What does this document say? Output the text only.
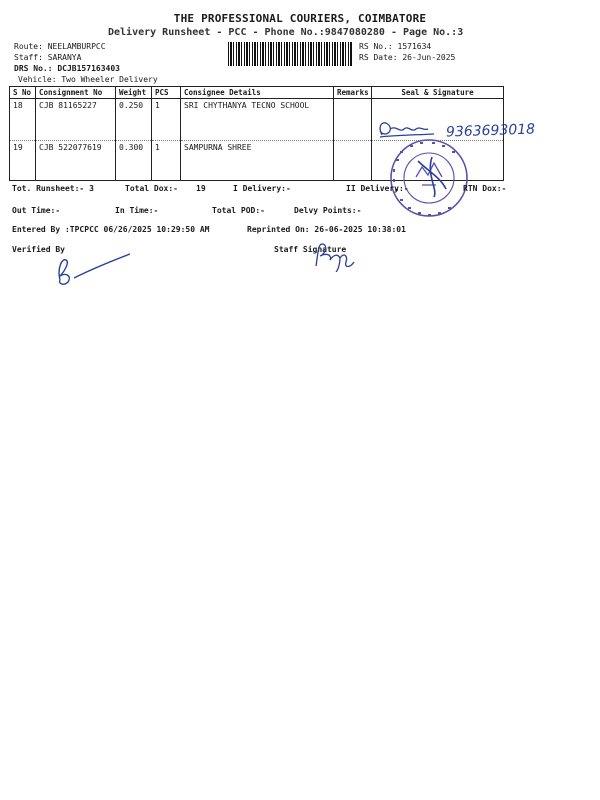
THE PROFESSIONAL COURIERS, COIMBATORE
Delivery Runsheet - PCC - Phone No.:9847080280 - Page No.:3
Route: NEELAMBURPCC
Staff: SARANYA
DRS No.: DCJB157163403
Vehicle: Two Wheeler Delivery
RS No.: 1571634
RS Date: 26-Jun-2025
S No	Consignment No	Weight	PCS	Consignee Details	Remarks	Seal & Signature
18	CJB 81165227	0.250	1	SRI CHYTHANYA TECNO SCHOOL		
19	CJB 522077619	0.300	1	SAMPURNA SHREE		
9363693018
Tot. Runsheet:- 3	Total Dox:- 19	I Delivery:-	II Delivery:-	RTN Dox:-
Out Time:-	In Time:-	Total POD:-	Delvy Points:-
Entered By :TPCPCC 06/26/2025 10:29:50 AM	Reprinted On: 26-06-2025 10:38:01
Verified By	Staff Signature
